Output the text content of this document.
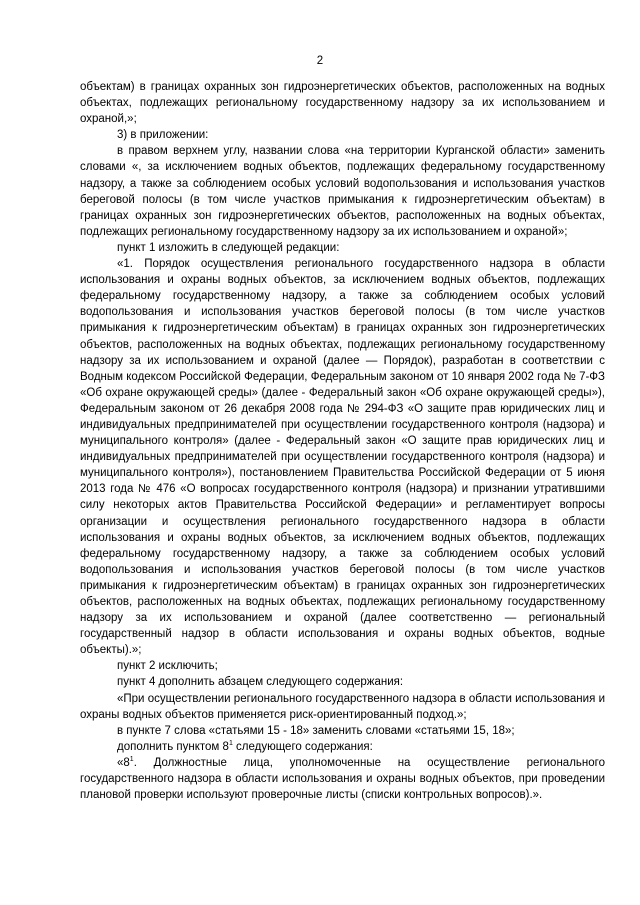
2

объектам) в границах охранных зон гидроэнергетических объектов, расположенных на водных объектах, подлежащих региональному государственному надзору за их использованием и охраной,»;

3) в приложении:

в правом верхнем углу, названии слова «на территории Курганской области» заменить словами «, за исключением водных объектов, подлежащих федеральному государственному надзору, а также за соблюдением особых условий водопользования и использования участков береговой полосы (в том числе участков примыкания к гидроэнергетическим объектам) в границах охранных зон гидроэнергетических объектов, расположенных на водных объектах, подлежащих региональному государственному надзору за их использованием и охраной»;

пункт 1 изложить в следующей редакции:

«1. Порядок осуществления регионального государственного надзора в области использования и охраны водных объектов, за исключением водных объектов, подлежащих федеральному государственному надзору, а также за соблюдением особых условий водопользования и использования участков береговой полосы (в том числе участков примыкания к гидроэнергетическим объектам) в границах охранных зон гидроэнергетических объектов, расположенных на водных объектах, подлежащих региональному государственному надзору за их использованием и охраной (далее — Порядок), разработан в соответствии с Водным кодексом Российской Федерации, Федеральным законом от 10 января 2002 года № 7-ФЗ «Об охране окружающей среды» (далее - Федеральный закон «Об охране окружающей среды»), Федеральным законом от 26 декабря 2008 года № 294-ФЗ «О защите прав юридических лиц и индивидуальных предпринимателей при осуществлении государственного контроля (надзора) и муниципального контроля» (далее - Федеральный закон «О защите прав юридических лиц и индивидуальных предпринимателей при осуществлении государственного контроля (надзора) и муниципального контроля»), постановлением Правительства Российской Федерации от 5 июня 2013 года № 476 «О вопросах государственного контроля (надзора) и признании утратившими силу некоторых актов Правительства Российской Федерации» и регламентирует вопросы организации и осуществления регионального государственного надзора в области использования и охраны водных объектов, за исключением водных объектов, подлежащих федеральному государственному надзору, а также за соблюдением особых условий водопользования и использования участков береговой полосы (в том числе участков примыкания к гидроэнергетическим объектам) в границах охранных зон гидроэнергетических объектов, расположенных на водных объектах, подлежащих региональному государственному надзору за их использованием и охраной (далее соответственно — региональный государственный надзор в области использования и охраны водных объектов, водные объекты).»;

пункт 2 исключить;

пункт 4 дополнить абзацем следующего содержания:

«При осуществлении регионального государственного надзора в области использования и охраны водных объектов применяется риск-ориентированный подход.»;

в пункте 7 слова «статьями 15 - 18» заменить словами «статьями 15, 18»;

дополнить пунктом $8^1$ следующего содержания:

«$8^1$. Должностные лица, уполномоченные на осуществление регионального государственного надзора в области использования и охраны водных объектов, при проведении плановой проверки используют проверочные листы (списки контрольных вопросов).».
